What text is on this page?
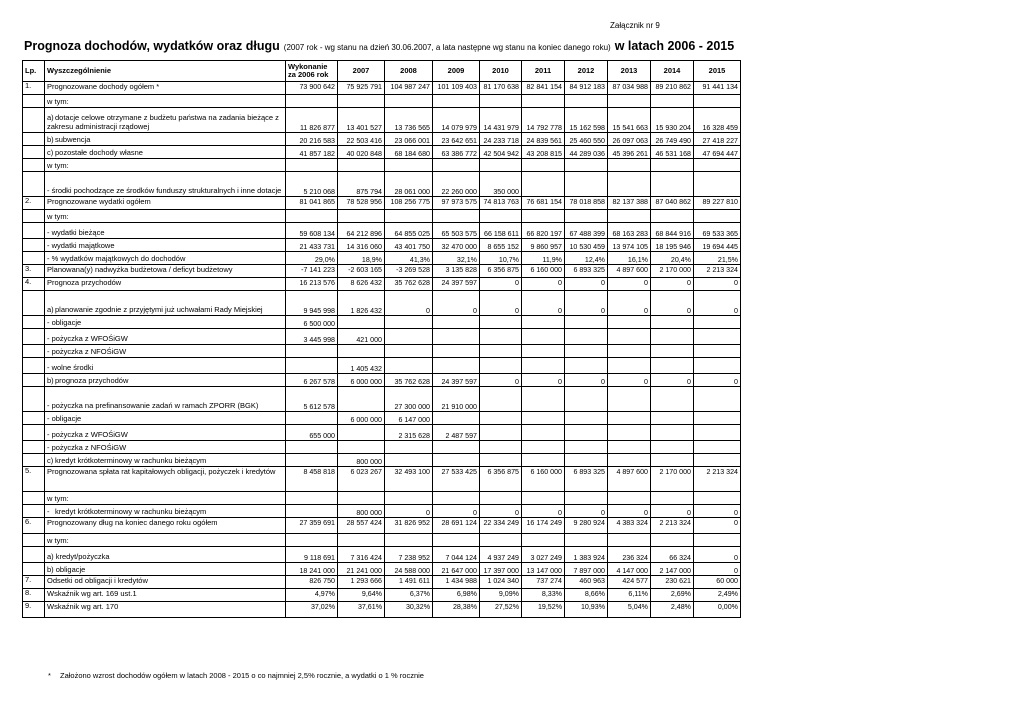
Załącznik nr 9
Prognoza dochodów, wydatków oraz długu (2007 rok - wg stanu na dzień 30.06.2007, a lata następne wg stanu na koniec danego roku) w latach 2006 - 2015
Lp.	Wyszczególnienie	Wykonanie za 2006 rok	2007	2008	2009	2010	2011	2012	2013	2014	2015
1.	Prognozowane dochody ogółem *	73 900 642	75 925 791	104 987 247	101 109 403	81 170 638	82 841 154	84 912 183	87 034 988	89 210 862	91 441 134
	w tym:										
	a)dotacje celowe otrzymane z budżetu państwa na zadania bieżące z zakresu administracji rządowej	11 826 877	13 401 527	13 736 565	14 079 979	14 431 979	14 792 778	15 162 598	15 541 663	15 930 204	16 328 459
	b)subwencja	20 216 583	22 503 416	23 066 001	23 642 651	24 233 718	24 839 561	25 460 550	26 097 063	26 749 490	27 418 227
	c) pozostałe dochody własne	41 857 182	40 020 848	68 184 680	63 386 772	42 504 942	43 208 815	44 289 036	45 396 261	46 531 168	47 694 447
	w tym:										
	- środki pochodzące ze środków funduszy strukturalnych i inne dotacje	5 210 068	875 794	28 061 000	22 260 000	350 000					
2.	Prognozowane wydatki ogółem	81 041 865	78 528 956	108 256 775	97 973 575	74 813 763	76 681 154	78 018 858	82 137 388	87 040 862	89 227 810
	w tym:										
	- wydatki bieżące	59 608 134	64 212 896	64 855 025	65 503 575	66 158 611	66 820 197	67 488 399	68 163 283	68 844 916	69 533 365
	- wydatki majątkowe	21 433 731	14 316 060	43 401 750	32 470 000	8 655 152	9 860 957	10 530 459	13 974 105	18 195 946	19 694 445
	- % wydatków majątkowych do dochodów	29,0%	18,9%	41,3%	32,1%	10,7%	11,9%	12,4%	16,1%	20,4%	21,5%
3.	Planowana(y) nadwyżka budżetowa / deficyt budżetowy	-7 141 223	-2 603 165	-3 269 528	3 135 828	6 356 875	6 160 000	6 893 325	4 897 600	2 170 000	2 213 324
4.	Prognoza przychodów	16 213 576	8 626 432	35 762 628	24 397 597	0	0	0	0	0	0
	a)planowanie zgodnie z przyjętymi już uchwałami Rady Miejskiej	9 945 998	1 826 432	0	0	0	0	0	0	0	0
	- obligacje	6 500 000									
	- pożyczka z WFOŚiGW	3 445 998	421 000								
	- pożyczka z NFOŚiGW										
	- wolne środki		1 405 432								
	b)prognoza przychodów	6 267 578	6 000 000	35 762 628	24 397 597	0	0	0	0	0	0
	- pożyczka na prefinansowanie zadań w ramach ZPORR (BGK)	5 612 578		27 300 000	21 910 000						
	- obligacje		6 000 000	6 147 000							
	- pożyczka z WFOŚiGW	655 000		2 315 628	2 487 597						
	- pożyczka z NFOŚiGW										
	c) kredyt krótkoterminowy w rachunku bieżącym		800 000								
5.	Prognozowana spłata rat kapitałowych obligacji, pożyczek i kredytów	8 458 818	6 023 267	32 493 100	27 533 425	6 356 875	6 160 000	6 893 325	4 897 600	2 170 000	2 213 324
	w tym:										
	- kredyt krótkoterminowy w rachunku bieżącym		800 000	0	0	0	0	0	0	0	0
6.	Prognozowany dług na koniec danego roku ogółem	27 359 691	28 557 424	31 826 952	28 691 124	22 334 249	16 174 249	9 280 924	4 383 324	2 213 324	0
	w tym:										
	a) kredyt/pożyczka	9 118 691	7 316 424	7 238 952	7 044 124	4 937 249	3 027 249	1 383 924	236 324	66 324	0
	b) obligacje	18 241 000	21 241 000	24 588 000	21 647 000	17 397 000	13 147 000	7 897 000	4 147 000	2 147 000	0
7.	Odsetki od obligacji i kredytów	826 750	1 293 666	1 491 611	1 434 988	1 024 340	737 274	460 963	424 577	230 621	60 000
8.	Wskaźnik wg art. 169 ust.1	4,97%	9,64%	6,37%	6,98%	9,09%	8,33%	8,66%	6,11%	2,69%	2,49%
9.	Wskaźnik wg art. 170	37,02%	37,61%	30,32%	28,38%	27,52%	19,52%	10,93%	5,04%	2,48%	0,00%
* Założono wzrost dochodów ogółem w latach 2008 - 2015 o co najmniej 2,5% rocznie, a wydatki o 1 % rocznie
